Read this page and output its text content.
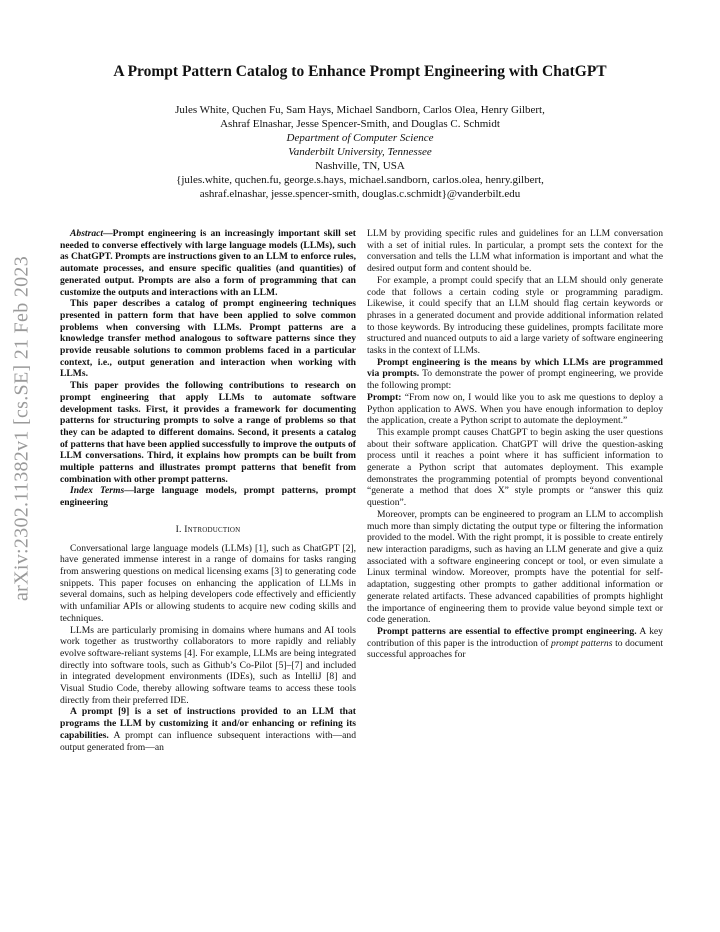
A Prompt Pattern Catalog to Enhance Prompt Engineering with ChatGPT
Jules White, Quchen Fu, Sam Hays, Michael Sandborn, Carlos Olea, Henry Gilbert,
Ashraf Elnashar, Jesse Spencer-Smith, and Douglas C. Schmidt
Department of Computer Science
Vanderbilt University, Tennessee
Nashville, TN, USA
{jules.white, quchen.fu, george.s.hays, michael.sandborn, carlos.olea, henry.gilbert,
ashraf.elnashar, jesse.spencer-smith, douglas.c.schmidt}@vanderbilt.edu
arXiv:2302.11382v1 [cs.SE] 21 Feb 2023

Abstract—Prompt engineering is an increasingly important skill set needed to converse effectively with large language models (LLMs), such as ChatGPT. Prompts are instructions given to an LLM to enforce rules, automate processes, and ensure specific qualities (and quantities) of generated output. Prompts are also a form of programming that can customize the outputs and interactions with an LLM.

This paper describes a catalog of prompt engineering techniques presented in pattern form that have been applied to solve common problems when conversing with LLMs. Prompt patterns are a knowledge transfer method analogous to software patterns since they provide reusable solutions to common problems faced in a particular context, i.e., output generation and interaction when working with LLMs.

This paper provides the following contributions to research on prompt engineering that apply LLMs to automate software development tasks. First, it provides a framework for documenting patterns for structuring prompts to solve a range of problems so that they can be adapted to different domains. Second, it presents a catalog of patterns that have been applied successfully to improve the outputs of LLM conversations. Third, it explains how prompts can be built from multiple patterns and illustrates prompt patterns that benefit from combination with other prompt patterns.

Index Terms—large language models, prompt patterns, prompt engineering

I. Introduction

Conversational large language models (LLMs) [1], such as ChatGPT [2], have generated immense interest in a range of domains for tasks ranging from answering questions on medical licensing exams [3] to generating code snippets. This paper focuses on enhancing the application of LLMs in several domains, such as helping developers code effectively and efficiently with unfamiliar APIs or allowing students to acquire new coding skills and techniques.

LLMs are particularly promising in domains where humans and AI tools work together as trustworthy collaborators to more rapidly and reliably evolve software-reliant systems [4]. For example, LLMs are being integrated directly into software tools, such as Github’s Co-Pilot [5]–[7] and included in integrated development environments (IDEs), such as IntelliJ [8] and Visual Studio Code, thereby allowing software teams to access these tools directly from their preferred IDE.

A prompt [9] is a set of instructions provided to an LLM that programs the LLM by customizing it and/or enhancing or refining its capabilities. A prompt can influence subsequent interactions with—and output generated from—an

LLM by providing specific rules and guidelines for an LLM conversation with a set of initial rules. In particular, a prompt sets the context for the conversation and tells the LLM what information is important and what the desired output form and content should be.

For example, a prompt could specify that an LLM should only generate code that follows a certain coding style or programming paradigm. Likewise, it could specify that an LLM should flag certain keywords or phrases in a generated document and provide additional information related to those keywords. By introducing these guidelines, prompts facilitate more structured and nuanced outputs to aid a large variety of software engineering tasks in the context of LLMs.

Prompt engineering is the means by which LLMs are programmed via prompts. To demonstrate the power of prompt engineering, we provide the following prompt:

Prompt: “From now on, I would like you to ask me questions to deploy a Python application to AWS. When you have enough information to deploy the application, create a Python script to automate the deployment.”

This example prompt causes ChatGPT to begin asking the user questions about their software application. ChatGPT will drive the question-asking process until it reaches a point where it has sufficient information to generate a Python script that automates deployment. This example demonstrates the programming potential of prompts beyond conventional “generate a method that does X” style prompts or “answer this quiz question”.

Moreover, prompts can be engineered to program an LLM to accomplish much more than simply dictating the output type or filtering the information provided to the model. With the right prompt, it is possible to create entirely new interaction paradigms, such as having an LLM generate and give a quiz associated with a software engineering concept or tool, or even simulate a Linux terminal window. Moreover, prompts have the potential for self-adaptation, suggesting other prompts to gather additional information or generate related artifacts. These advanced capabilities of prompts highlight the importance of engineering them to provide value beyond simple text or code generation.

Prompt patterns are essential to effective prompt engineering. A key contribution of this paper is the introduction of prompt patterns to document successful approaches for
